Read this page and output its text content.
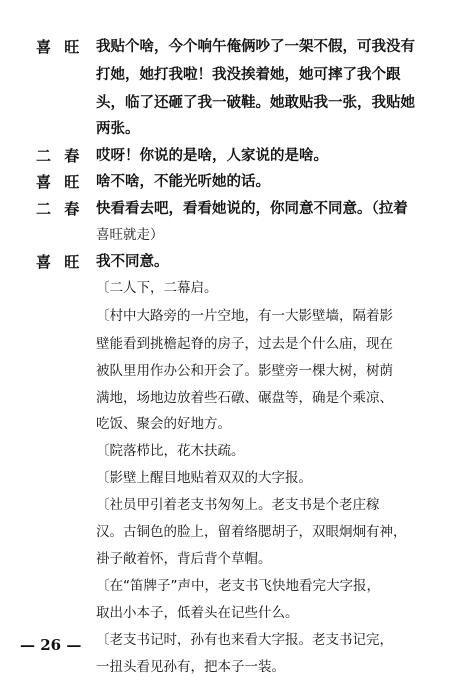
喜 旺 我贴个啥，今个响午俺俩吵了一架不假，可我没有
打她，她打我啦！我没挨着她，她可摔了我个跟
头，临了还砸了我一破鞋。她敢贴我一张，我贴她
两张。
二 春 哎呀！你说的是啥，人家说的是啥。
喜 旺 啥不啥，不能光听她的话。
二 春 快看看去吧，看看她说的，你同意不同意。（拉着
喜旺就走）
喜 旺 我不同意。
〔二人下，二幕启。
〔村中大路旁的一片空地，有一大影壁墙，隔着影
壁能看到挑檐起脊的房子，过去是个什么庙，现在
被队里用作办公和开会了。影壁旁一棵大树，树荫
满地，场地边放着些石礅、碾盘等，确是个乘凉、
吃饭、聚会的好地方。
〔院落栉比，花木扶疏。
〔影壁上醒目地贴着双双的大字报。
〔社员甲引着老支书匆匆上。老支书是个老庄稼
汉。古铜色的脸上，留着络腮胡子，双眼炯炯有神，
褂子敞着怀，背后背个草帽。
〔在“笛牌子”声中，老支书飞快地看完大字报，
取出小本子，低着头在记些什么。
〔老支书记时，孙有也来看大字报。老支书记完，
一扭头看见孙有，把本子一装。
— 26 —
